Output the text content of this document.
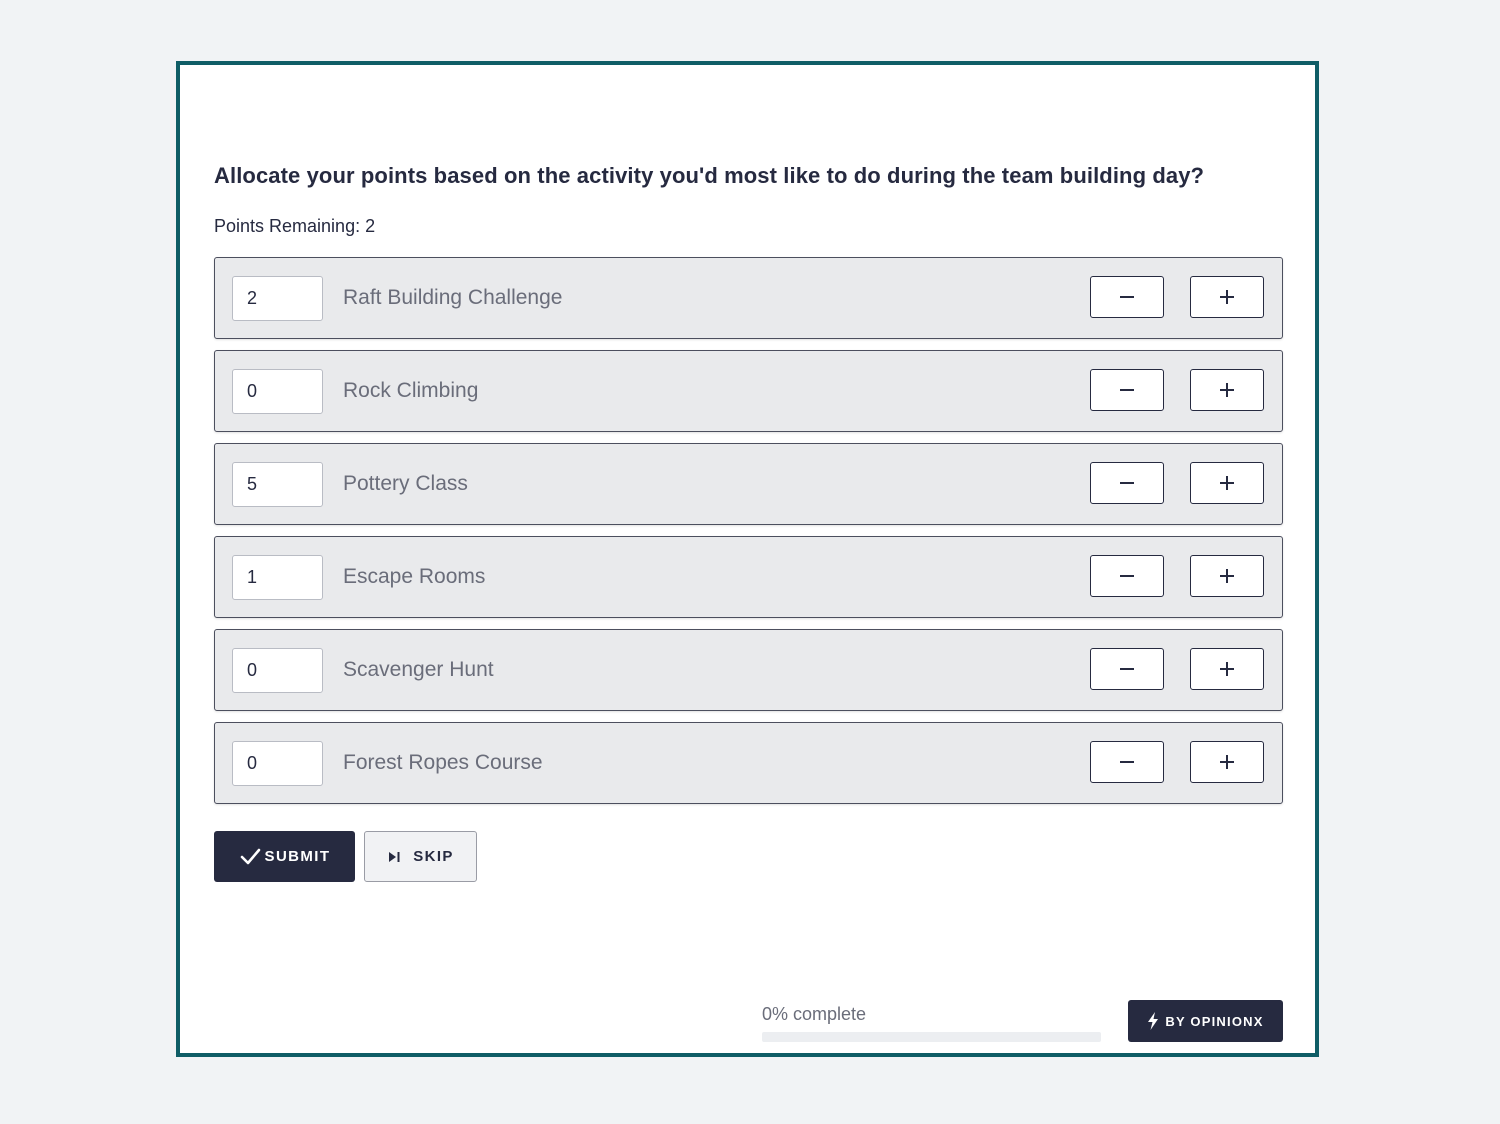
Allocate your points based on the activity you'd most like to do during the team building day?
Points Remaining: 2
2
Raft Building Challenge
0
Rock Climbing
5
Pottery Class
1
Escape Rooms
0
Scavenger Hunt
0
Forest Ropes Course
SUBMIT	SKIP
0% complete	BY OPINIONX
